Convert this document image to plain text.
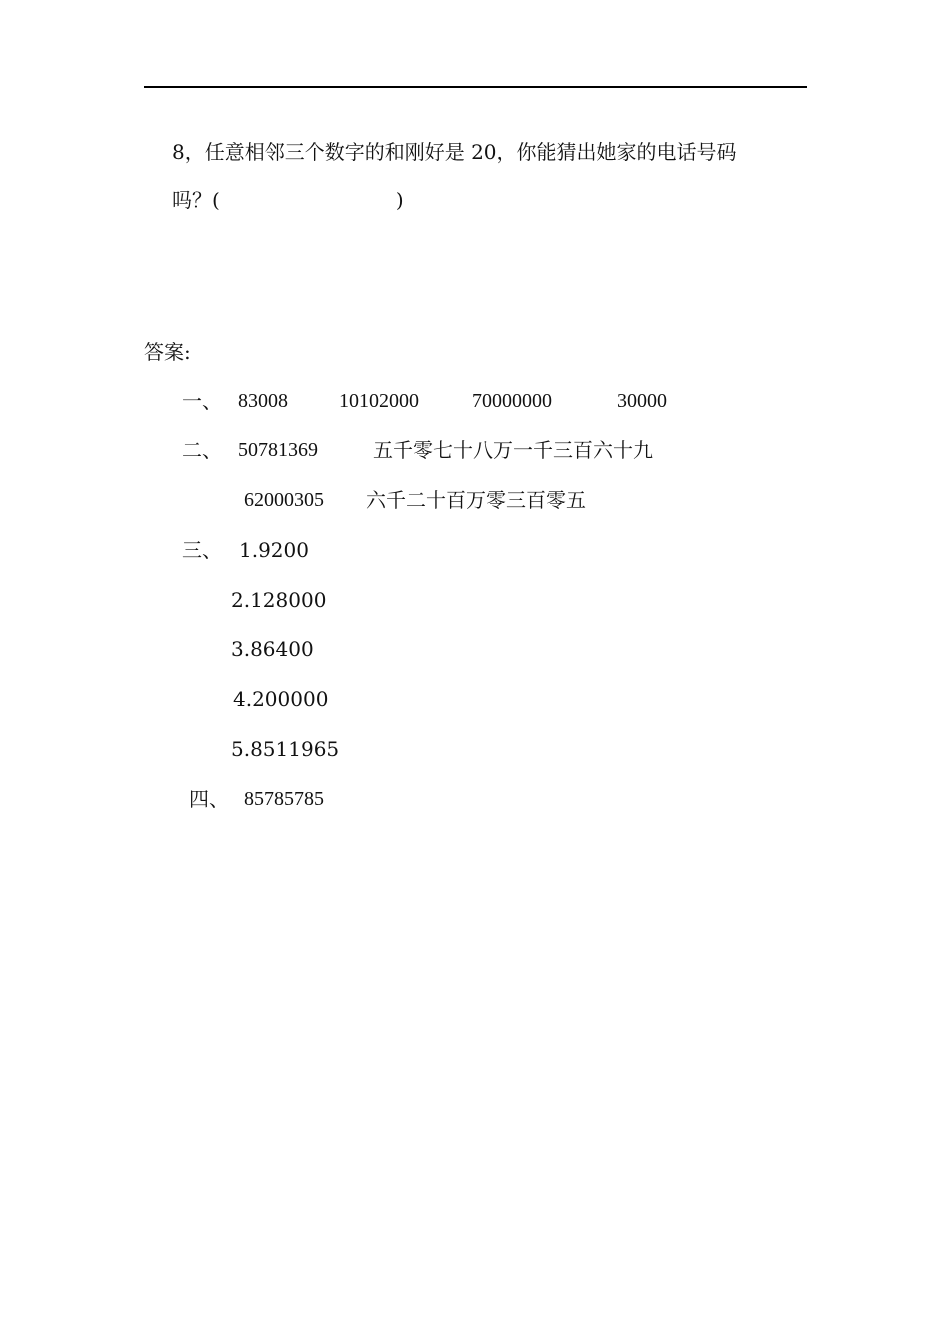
8，任意相邻三个数字的和刚好是 20，你能猜出她家的电话号码
吗？(	)
答案:
一、 83008	10102000	70000000	30000
二、 50781369	五千零七十八万一千三百六十九
62000305 六千二十百万零三百零五
三、 1.9200
2.128000
3.86400
4.200000
5.8511965
四、 85785785
